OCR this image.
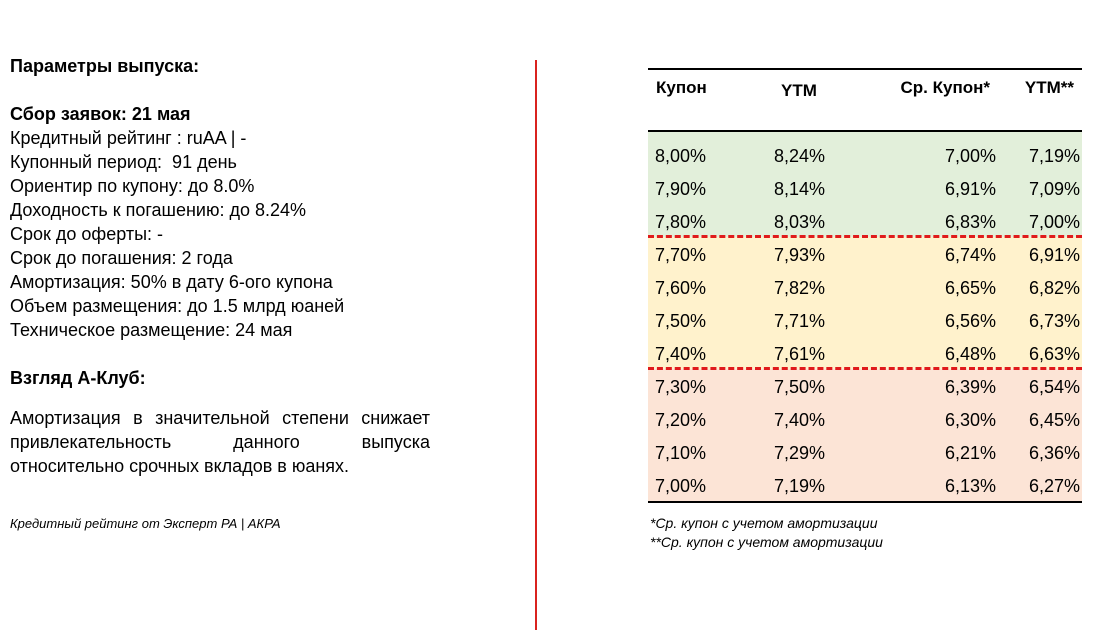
Параметры выпуска:
Сбор заявок: 21 мая
Кредитный рейтинг : ruAA | -
Купонный период:  91 день
Ориентир по купону: до 8.0%
Доходность к погашению: до 8.24%
Срок до оферты: -
Срок до погашения: 2 года
Амортизация: 50% в дату 6-ого купона
Объем размещения: до 1.5 млрд юаней
Техническое размещение: 24 мая
Взгляд А-Клуб:
Амортизация в значительной степени снижает привлекательность данного выпуска относительно срочных вкладов в юанях.
Кредитный рейтинг от Эксперт РА | АКРА
Купон	YTM	Ср. Купон* YTM**
8,00%	8,24%	7,00% 7,19%
7,90%	8,14%	6,91% 7,09%
7,80%	8,03%	6,83% 7,00%
7,70%	7,93%	6,74% 6,91%
7,60%	7,82%	6,65% 6,82%
7,50%	7,71%	6,56% 6,73%
7,40%	7,61%	6,48% 6,63%
7,30%	7,50%	6,39% 6,54%
7,20%	7,40%	6,30% 6,45%
7,10%	7,29%	6,21% 6,36%
7,00%	7,19%	6,13% 6,27%
*Ср. купон с учетом амортизации
**Ср. купон с учетом амортизации
